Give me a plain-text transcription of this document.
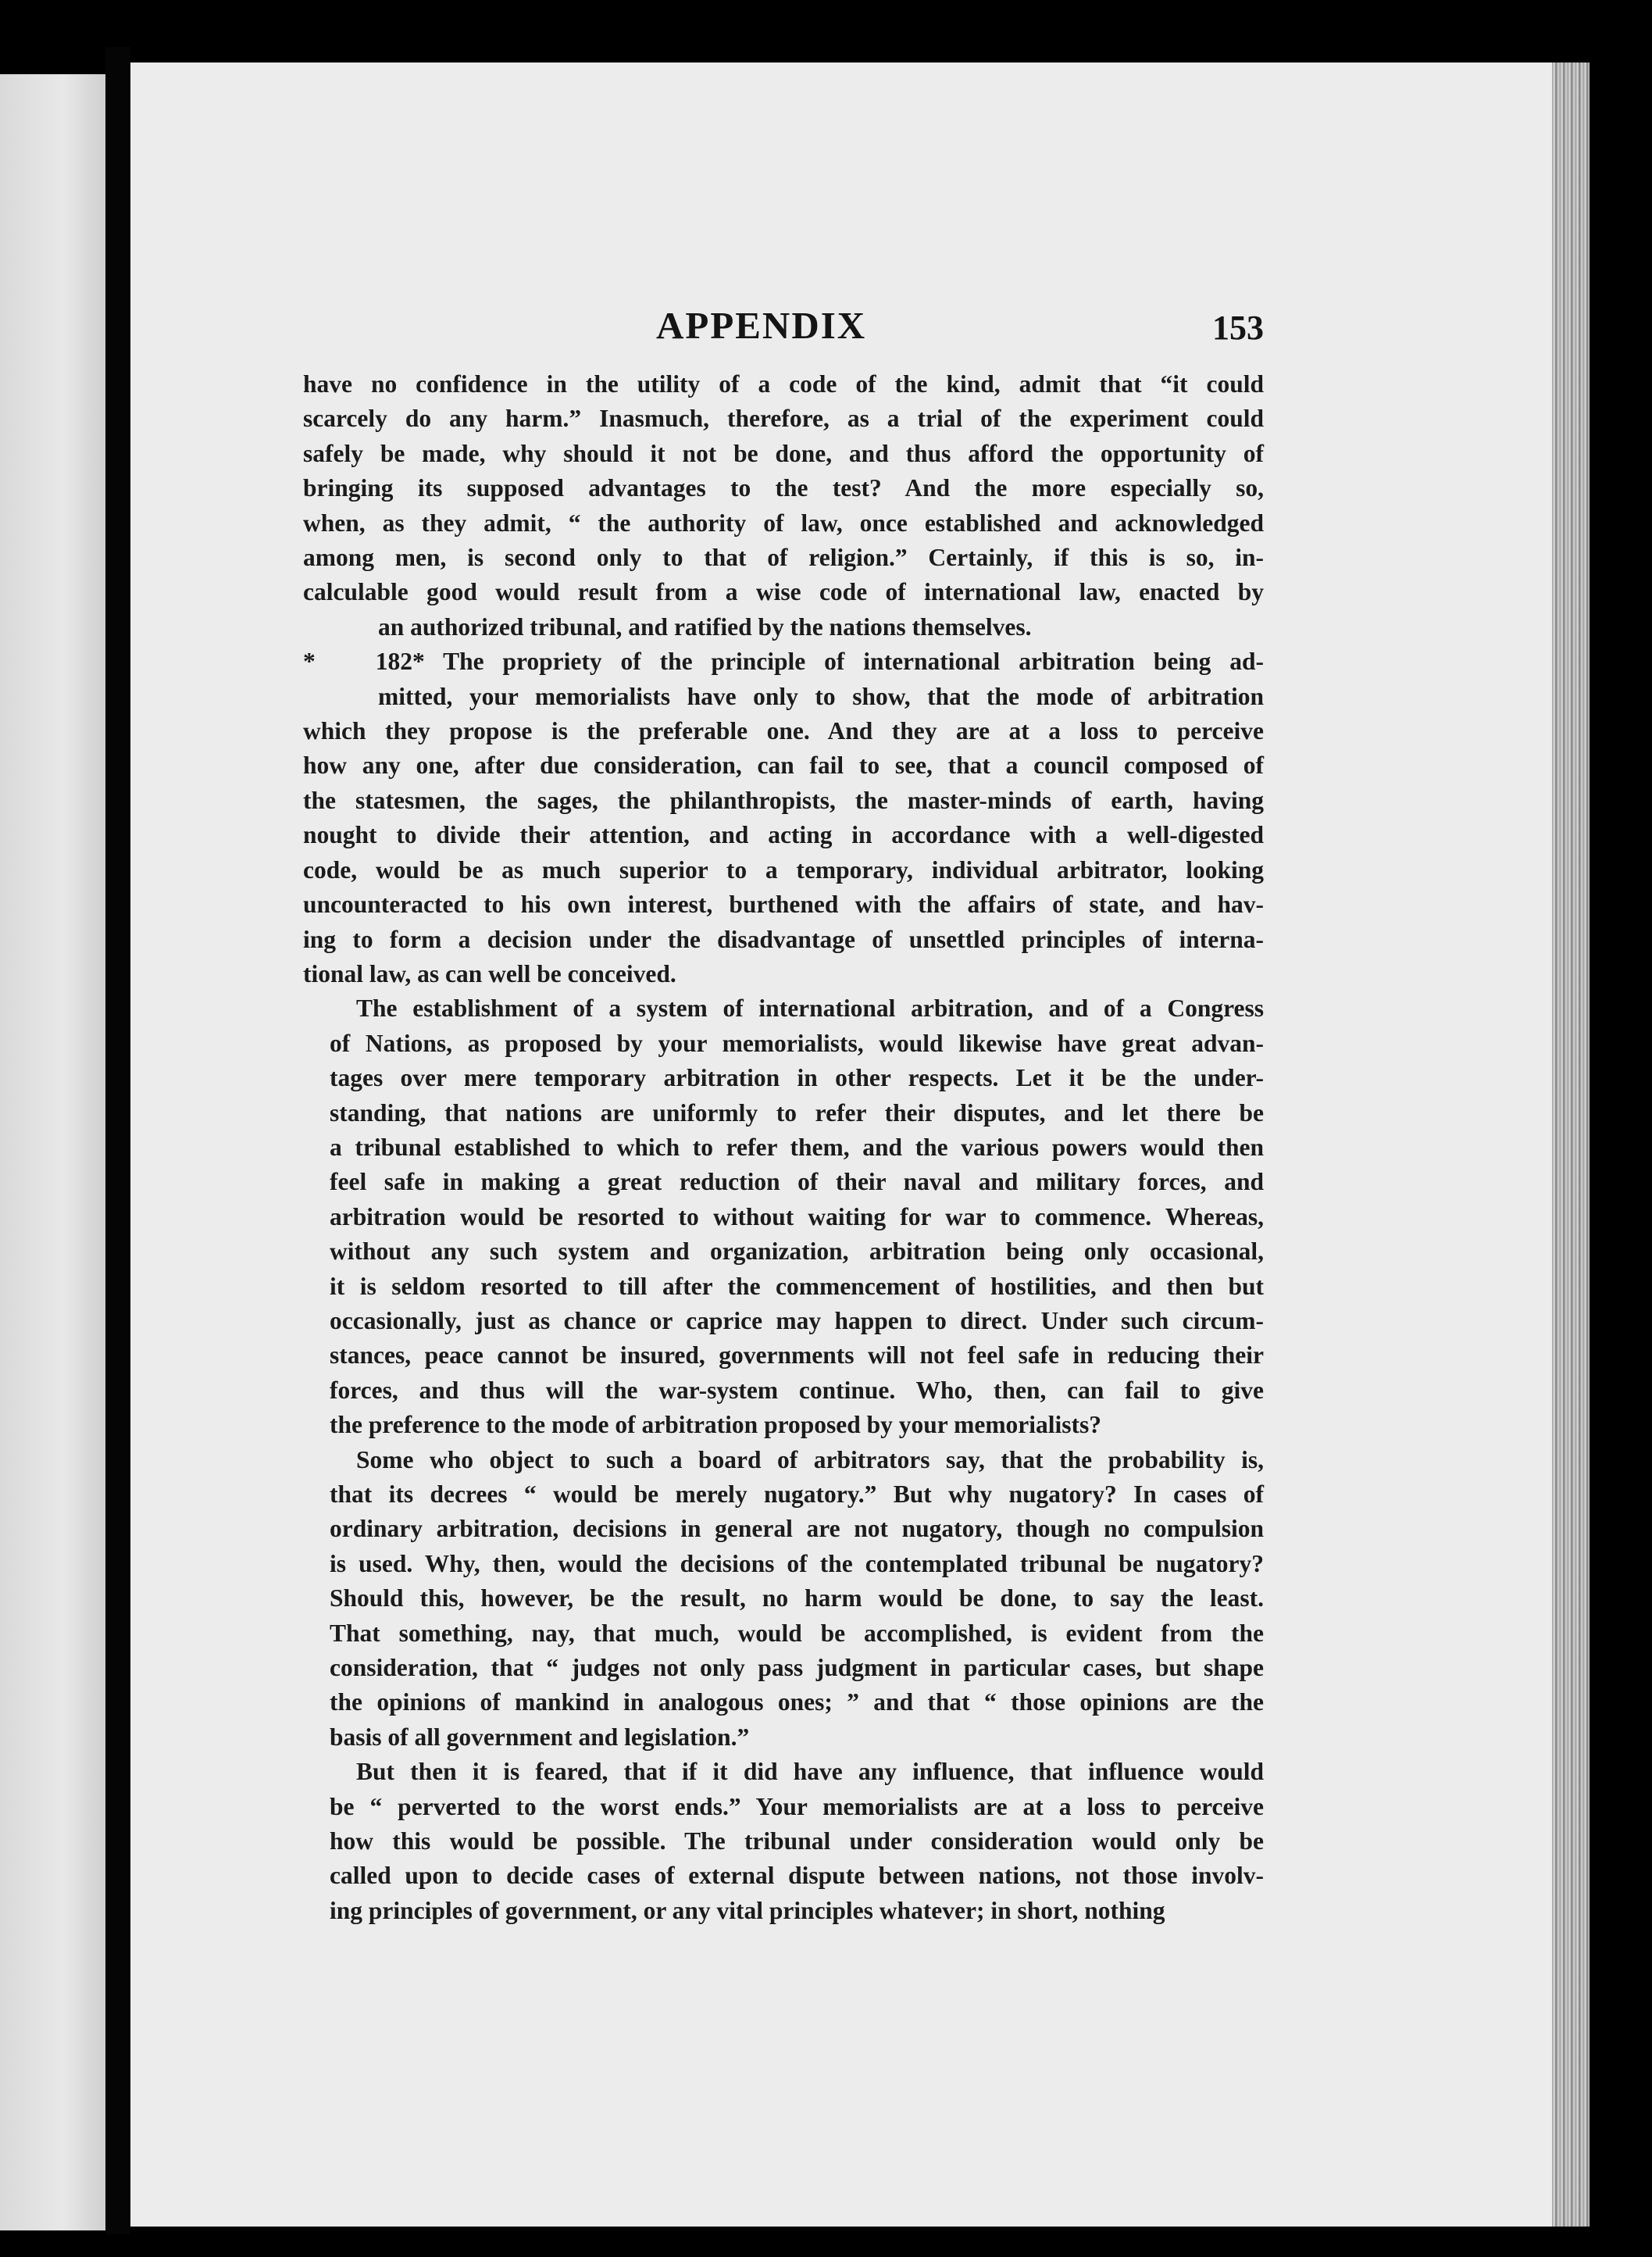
APPENDIX	153
have no confidence in the utility of a code of the kind, admit that “it could
scarcely do any harm.” Inasmuch, therefore, as a trial of the experiment could
safely be made, why should it not be done, and thus afford the opportunity of
bringing its supposed advantages to the test? And the more especially so,
when, as they admit, “ the authority of law, once established and acknowledged
among men, is second only to that of religion.” Certainly, if this is so, in-
calculable good would result from a wise code of international law, enacted by
an authorized tribunal, and ratified by the nations themselves.
* 182 * The propriety of the principle of international arbitration being ad-
mitted, your memorialists have only to show, that the mode of arbitration
which they propose is the preferable one. And they are at a loss to perceive
how any one, after due consideration, can fail to see, that a council composed of
the statesmen, the sages, the philanthropists, the master-minds of earth, having
nought to divide their attention, and acting in accordance with a well-digested
code, would be as much superior to a temporary, individual arbitrator, looking
uncounteracted to his own interest, burthened with the affairs of state, and hav-
ing to form a decision under the disadvantage of unsettled principles of interna-
tional law, as can well be conceived.
The establishment of a system of international arbitration, and of a Congress
of Nations, as proposed by your memorialists, would likewise have great advan-
tages over mere temporary arbitration in other respects. Let it be the under-
standing, that nations are uniformly to refer their disputes, and let there be
a tribunal established to which to refer them, and the various powers would then
feel safe in making a great reduction of their naval and military forces, and
arbitration would be resorted to without waiting for war to commence. Whereas,
without any such system and organization, arbitration being only occasional,
it is seldom resorted to till after the commencement of hostilities, and then but
occasionally, just as chance or caprice may happen to direct. Under such circum-
stances, peace cannot be insured, governments will not feel safe in reducing their
forces, and thus will the war-system continue. Who, then, can fail to give
the preference to the mode of arbitration proposed by your memorialists?
Some who object to such a board of arbitrators say, that the probability is,
that its decrees “ would be merely nugatory.” But why nugatory? In cases of
ordinary arbitration, decisions in general are not nugatory, though no compulsion
is used. Why, then, would the decisions of the contemplated tribunal be nugatory?
Should this, however, be the result, no harm would be done, to say the least.
That something, nay, that much, would be accomplished, is evident from the
consideration, that “ judges not only pass judgment in particular cases, but shape
the opinions of mankind in analogous ones; ” and that “ those opinions are the
basis of all government and legislation.”
But then it is feared, that if it did have any influence, that influence would
be “ perverted to the worst ends.” Your memorialists are at a loss to perceive
how this would be possible. The tribunal under consideration would only be
called upon to decide cases of external dispute between nations, not those involv-
ing principles of government, or any vital principles whatever; in short, nothing
